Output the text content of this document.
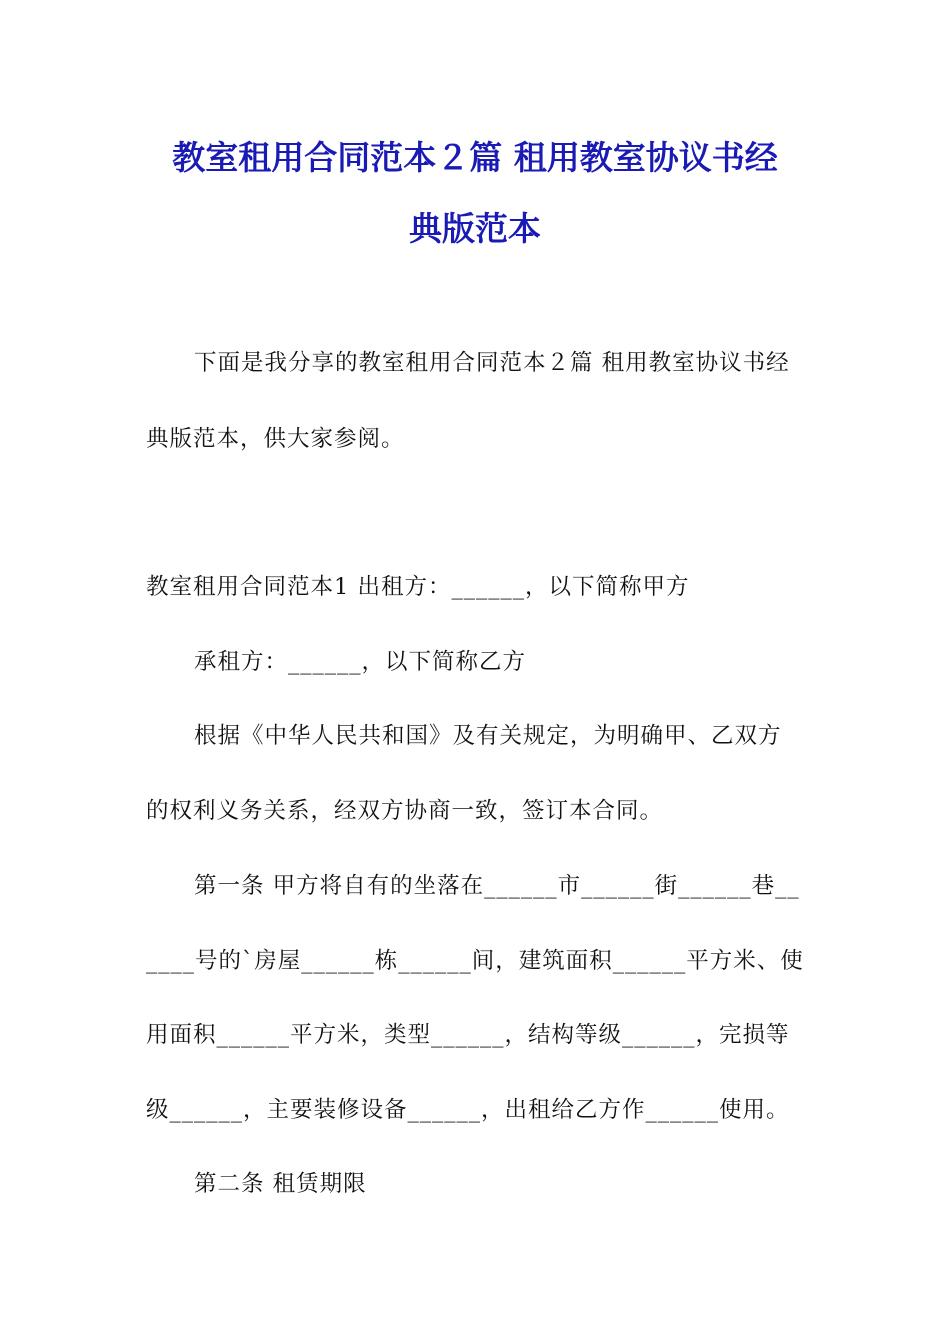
教室租用合同范本２篇 租用教室协议书经
典版范本
下面是我分享的教室租用合同范本２篇 租用教室协议书经
典版范本，供大家参阅。
教室租用合同范本1 出租方：______，以下简称甲方
承租方：______，以下简称乙方
根据《中华人民共和国》及有关规定，为明确甲、乙双方
的权利义务关系，经双方协商一致，签订本合同。
第一条 甲方将自有的坐落在______市______街______巷__
____号的`房屋______栋______间，建筑面积______平方米、使
用面积______平方米，类型______，结构等级______，完损等
级______，主要装修设备______，出租给乙方作______使用。
第二条 租赁期限
